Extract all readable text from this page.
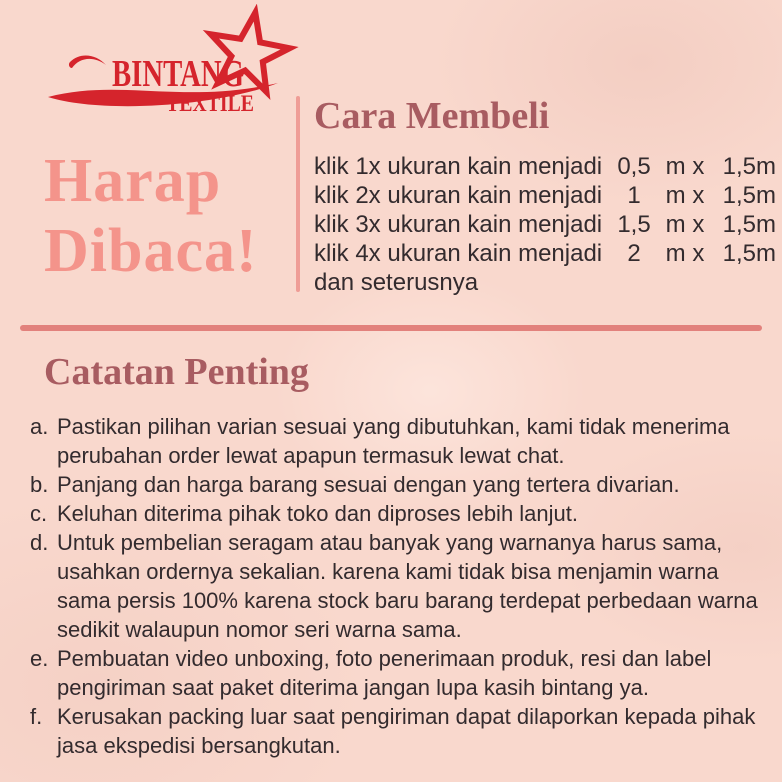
BINTANG
TEXTILE
Harap
Dibaca!
Cara Membeli
klik 1x ukuran kain menjadi 0,5 m x 1,5m
klik 2x ukuran kain menjadi	1	m x 1,5m
klik 3x ukuran kain menjadi 1,5 m x 1,5m
klik 4x ukuran kain menjadi	2	m x 1,5m
dan seterusnya
Catatan Penting
a. Pastikan pilihan varian sesuai yang dibutuhkan, kami tidak menerima perubahan order lewat apapun termasuk lewat chat.
b. Panjang dan harga barang sesuai dengan yang tertera divarian.
c. Keluhan diterima pihak toko dan diproses lebih lanjut.
d. Untuk pembelian seragam atau banyak yang warnanya harus sama, usahkan ordernya sekalian. karena kami tidak bisa menjamin warna sama persis 100% karena stock baru barang terdepat perbedaan warna sedikit walaupun nomor seri warna sama.
e. Pembuatan video unboxing, foto penerimaan produk, resi dan label pengiriman saat paket diterima jangan lupa kasih bintang ya.
f. Kerusakan packing luar saat pengiriman dapat dilaporkan kepada pihak jasa ekspedisi bersangkutan.
